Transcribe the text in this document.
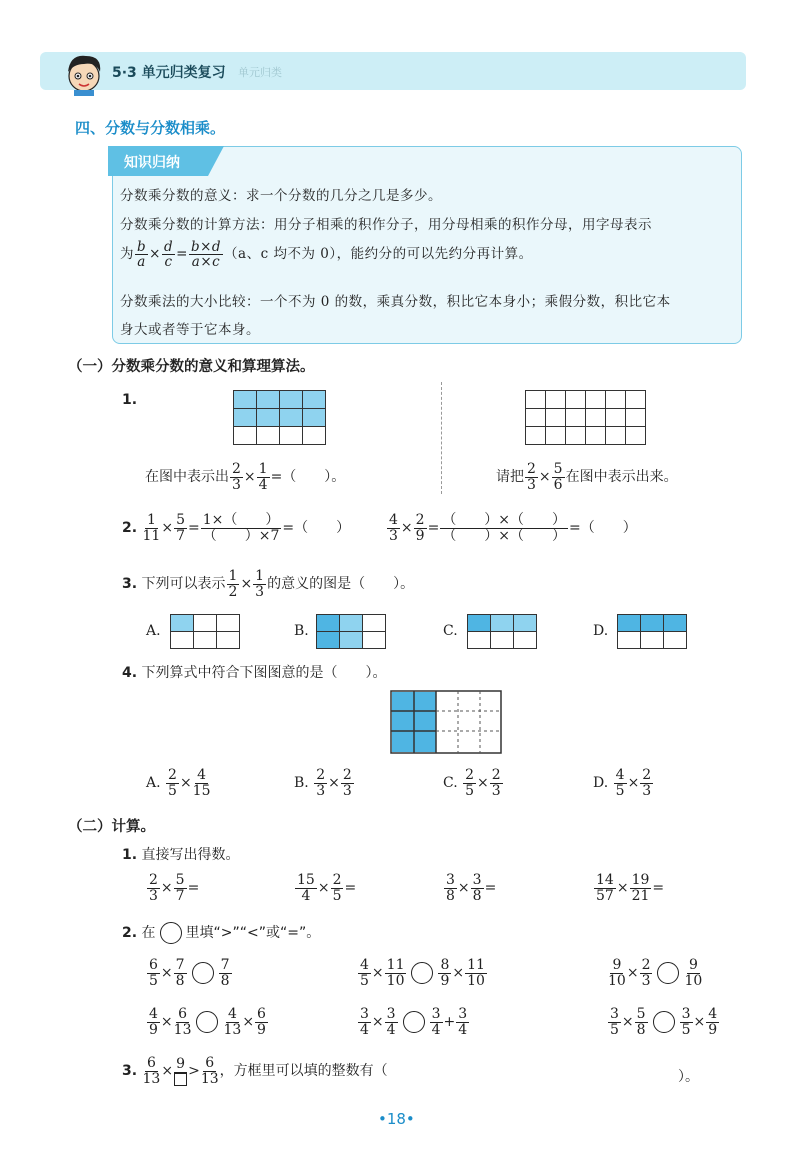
5·3 单元归类复习 单元归类
四、分数与分数相乘。
知识归纳
分数乘分数的意义：求一个分数的几分之几是多少。
分数乘分数的计算方法：用分子相乘的积作分子，用分母相乘的积作分母，用字母表示
为 $\frac{b}{a} \times \frac{d}{c} = \frac{b\times d}{a\times c} (a$、c 均不为 0），能约分的可以先约分再计算。
分数乘法的大小比较：一个不为 0 的数，乘真分数，积比它本身小；乘假分数，积比它本
身大或者等于它本身。
（一）分数乘分数的意义和算理算法。
1.

在图中表示出 $\frac{2}{3} \times \frac{1}{4}$ =（　　）。	请把 $\frac{2}{3} \times \frac{5}{6}$ 在图中表示出来。
2. $\frac{1}{11} \times \frac{5}{7} = \frac{1\times( )}{( )\times 7}$ =（　　）	$\frac{4}{3} \times \frac{2}{9} = \frac{( )\times( )}{( )\times( )}$ =（　　）
3. 下列可以表示 $\frac{1}{2} \times \frac{1}{3}$ 的意义的图是（　　）。
A.

			B.

			C.

			D.

4. 下列算式中符合下图图意的是（　　）。
A. $\frac{2}{5} \times \frac{4}{15}$	B. $\frac{2}{3} \times \frac{2}{3}$	C. $\frac{2}{5} \times \frac{2}{3}$	D. $\frac{4}{5} \times \frac{2}{3}$
（二）计算。
1. 直接写出得数。
$\frac{2}{3} \times \frac{5}{7}$ =	$\frac{15}{4} \times \frac{2}{5}$ =	$\frac{3}{8} \times \frac{3}{8}$ =	$\frac{14}{57} \times \frac{19}{21}$ =
2. 在 里填“>”“<”或“=”。
$\frac{6}{5} \times \frac{7}{8} \frac{7}{8}$	$\frac{4}{5} \times \frac{11}{10} \frac{8}{9} \times \frac{11}{10}$	$\frac{9}{10} \times \frac{2}{3} \frac{9}{10}$
$\frac{4}{9} \times \frac{6}{13} \frac{4}{13} \times \frac{6}{9}$	$\frac{3}{4} \times \frac{3}{4} \frac{3}{4} + \frac{3}{4}$	$\frac{3}{5} \times \frac{5}{8} \frac{3}{5} \times \frac{4}{9}$
3. $\frac{6}{13} \times 9 > \frac{6}{13}$ ，方框里可以填的整数有（	）。
•18•
